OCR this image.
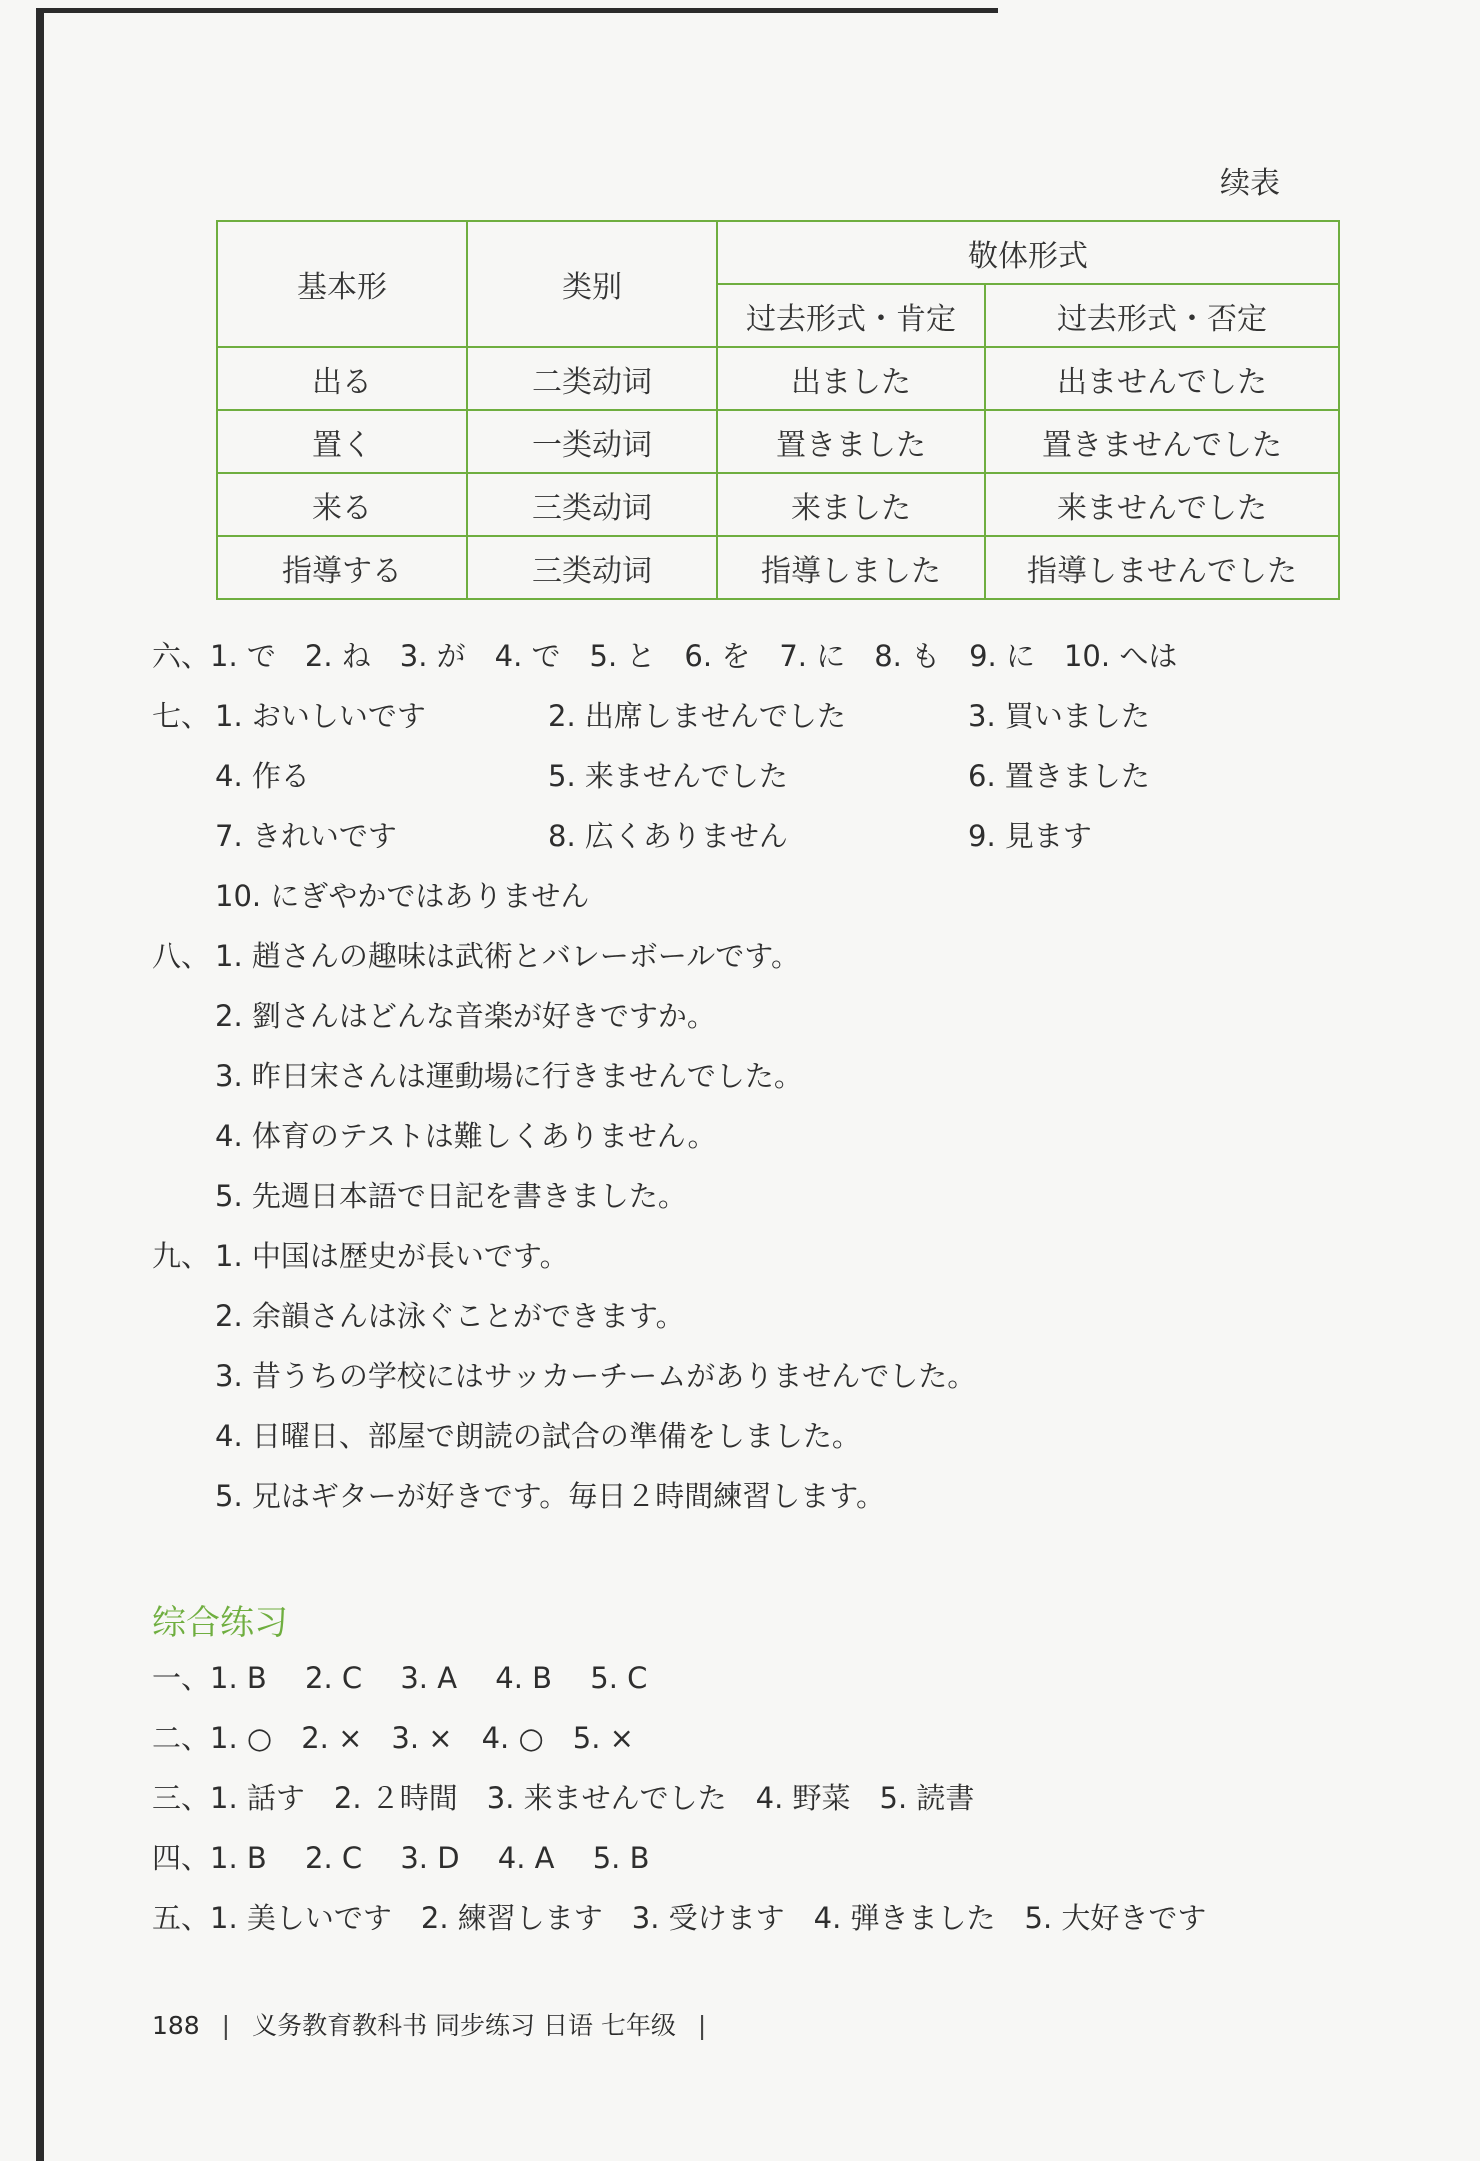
续表
基本形	类别	敬体形式	
		过去形式・肯定	过去形式・否定
出る	二类动词	出ました	出ませんでした
置く	一类动词	置きました	置きませんでした
来る	三类动词	来ました	来ませんでした
指導する	三类动词	指導しました	指導しませんでした
六、1. で　2. ね　3. が　4. で　5. と　6. を　7. に　8. も　9. に　10. へは
七、 1. おいしいです	2. 出席しませんでした	3. 買いました
4. 作る	5. 来ませんでした	6. 置きました
7. きれいです	8. 広くありません	9. 見ます
10. にぎやかではありません
八、 1. 趙さんの趣味は武術とバレーボールです。
2. 劉さんはどんな音楽が好きですか。
3. 昨日宋さんは運動場に行きませんでした。
4. 体育のテストは難しくありません。
5. 先週日本語で日記を書きました。
九、 1. 中国は歴史が長いです。
2. 余韻さんは泳ぐことができます。
3. 昔うちの学校にはサッカーチームがありませんでした。
4. 日曜日、部屋で朗読の試合の準備をしました。
5. 兄はギターが好きです。毎日２時間練習します。
综合练习
一、1. B　 2. C　 3. A　 4. B　 5. C
二、1. ○　2. ×　3. ×　4. ○　5. ×
三、1. 話す　2. ２時間　3. 来ませんでした　4. 野菜　5. 読書
四、1. B　 2. C　 3. D　 4. A　 5. B
五、1. 美しいです　2. 練習します　3. 受けます　4. 弾きました　5. 大好きです
188 | 义务教育教科书 同步练习 日语 七年级 |
